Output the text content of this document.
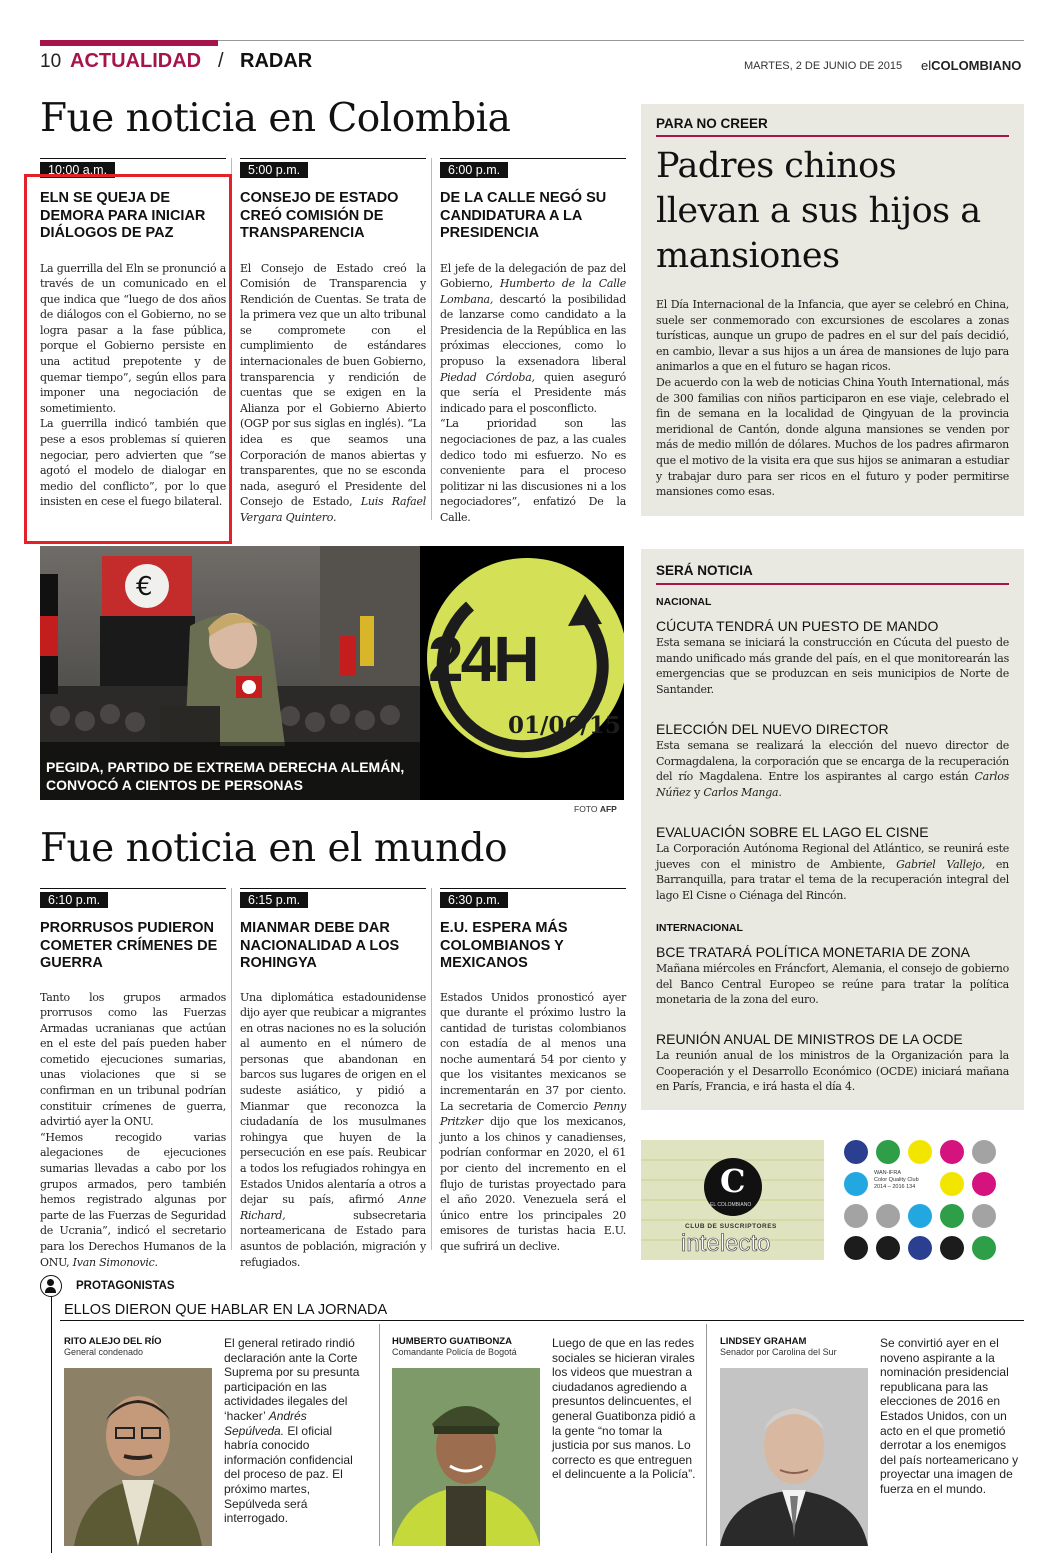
10 ACTUALIDAD / RADAR	MARTES, 2 DE JUNIO DE 2015 elCOLOMBIANO
Fue noticia en Colombia
10:00 a.m.
ELN SE QUEJA DE DEMORA PARA INICIAR DIÁLOGOS DE PAZ
La guerrilla del Eln se pronunció a través de un comunicado en el que indica que “luego de dos años de diálogos con el Gobierno, no se logra pasar a la fase pública, porque el Gobierno persiste en una actitud prepotente y de quemar tiempo”, según ellos para imponer una negociación de sometimiento.
La guerrilla indicó también que pese a esos problemas sí quieren negociar, pero advierten que “se agotó el modelo de dialogar en medio del conflicto”, por lo que insisten en cese el fuego bilateral.
5:00 p.m.
CONSEJO DE ESTADO CREÓ COMISIÓN DE TRANSPARENCIA
El Consejo de Estado creó la Comisión de Transparencia y Rendición de Cuentas. Se trata de la primera vez que un alto tribunal se compromete con el cumplimiento de estándares internacionales de buen Gobierno, transparencia y rendición de cuentas que se exigen en la Alianza por el Gobierno Abierto (OGP por sus siglas en inglés). “La idea es que seamos una Corporación de manos abiertas y transparentes, que no se esconda nada, aseguró el Presidente del Consejo de Estado, Luis Rafael Vergara Quintero.
6:00 p.m.
DE LA CALLE NEGÓ SU CANDIDATURA A LA PRESIDENCIA
El jefe de la delegación de paz del Gobierno, Humberto de la Calle Lombana, descartó la posibilidad de lanzarse como candidato a la Presidencia de la República en las próximas elecciones, como lo propuso la exsenadora liberal Piedad Córdoba, quien aseguró que sería el Presidente más indicado para el posconflicto.
“La prioridad son las negociaciones de paz, a las cuales dedico todo mi esfuerzo. No es conveniente para el proceso politizar ni las discusiones ni a los negociadores”, enfatizó De la Calle.
PARA NO CREER
Padres chinos llevan a sus hijos a mansiones
El Día Internacional de la Infancia, que ayer se celebró en China, suele ser conmemorado con excursiones de escolares a zonas turísticas, aunque un grupo de padres en el sur del país decidió, en cambio, llevar a sus hijos a un área de mansiones de lujo para animarlos a que en el futuro se hagan ricos.
De acuerdo con la web de noticias China Youth International, más de 300 familias con niños participaron en ese viaje, celebrado el fin de semana en la localidad de Qingyuan de la provincia meridional de Cantón, donde alguna mansiones se venden por más de medio millón de dólares. Muchos de los padres afirmaron que el motivo de la visita era que sus hijos se animaran a estudiar y trabajar duro para ser ricos en el futuro y poder permitirse mansiones como esas.
€
24H
01/06/15
PEGIDA, PARTIDO DE EXTREMA DERECHA ALEMÁN, CONVOCÓ A CIENTOS DE PERSONAS
FOTO AFP
SERÁ NOTICIA
NACIONAL
CÚCUTA TENDRÁ UN PUESTO DE MANDO
Esta semana se iniciará la construcción en Cúcuta del puesto de mando unificado más grande del país, en el que monitorearán las emergencias que se produzcan en seis municipios de Norte de Santander.
ELECCIÓN DEL NUEVO DIRECTOR
Esta semana se realizará la elección del nuevo director de Cormagdalena, la corporación que se encarga de la recuperación del río Magdalena. Entre los aspirantes al cargo están Carlos Núñez y Carlos Manga.
EVALUACIÓN SOBRE EL LAGO EL CISNE
La Corporación Autónoma Regional del Atlántico, se reunirá este jueves con el ministro de Ambiente, Gabriel Vallejo, en Barranquilla, para tratar el tema de la recuperación integral del lago El Cisne o Ciénaga del Rincón.
INTERNACIONAL
BCE TRATARÁ POLÍTICA MONETARIA DE ZONA
Mañana miércoles en Fráncfort, Alemania, el consejo de gobierno del Banco Central Europeo se reúne para tratar la política monetaria de la zona del euro.
REUNIÓN ANUAL DE MINISTROS DE LA OCDE
La reunión anual de los ministros de la Organización para la Cooperación y el Desarrollo Económico (OCDE) iniciará mañana en París, Francia, e irá hasta el día 4.
Fue noticia en el mundo
6:10 p.m.
PRORRUSOS PUDIERON COMETER CRÍMENES DE GUERRA
Tanto los grupos armados prorrusos como las Fuerzas Armadas ucranianas que actúan en el este del país pueden haber cometido ejecuciones sumarias, unas violaciones que si se confirman en un tribunal podrían constituir crímenes de guerra, advirtió ayer la ONU.
“Hemos recogido varias alegaciones de ejecuciones sumarias llevadas a cabo por los grupos armados, pero también hemos registrado algunas por parte de las Fuerzas de Seguridad de Ucrania”, indicó el secretario para los Derechos Humanos de la ONU, Ivan Simonovic.
6:15 p.m.
MIANMAR DEBE DAR NACIONALIDAD A LOS ROHINGYA
Una diplomática estadounidense dijo ayer que reubicar a migrantes en otras naciones no es la solución al aumento en el número de personas que abandonan en barcos sus lugares de origen en el sudeste asiático, y pidió a Mianmar que reconozca la ciudadanía de los musulmanes rohingya que huyen de la persecución en ese país. Reubicar a todos los refugiados rohingya en Estados Unidos alentaría a otros a dejar su país, afirmó Anne Richard,	subsecretaria norteamericana de Estado para asuntos de población, migración y refugiados.
6:30 p.m.
E.U. ESPERA MÁS COLOMBIANOS Y MEXICANOS
Estados Unidos pronosticó ayer que durante el próximo lustro la cantidad de turistas colombianos con estadía de al menos una noche aumentará 54 por ciento y que los visitantes mexicanos se incrementarán en 37 por ciento. La secretaria de Comercio Penny Pritzker dijo que los mexicanos, junto a los chinos y canadienses, podrían conformar en 2020, el 61 por ciento del incremento en el flujo de turistas proyectado para el año 2020. Venezuela será el único entre los principales 20 emisores de turistas hacia E.U. que sufrirá un declive.
C
EL COLOMBIANO
CLUB DE SUSCRIPTORES
intelecto
WAN-IFRA
Color Quality Club
2014 – 2016 134
PROTAGONISTAS
ELLOS DIERON QUE HABLAR EN LA JORNADA
RITO ALEJO DEL RÍO
General condenado
El general retirado rindió declaración ante la Corte Suprema por su presunta participación en las actividades ilegales del ‘hacker’ Andrés Sepúlveda. El oficial habría conocido información confidencial del proceso de paz. El próximo martes, Sepúlveda será interrogado.
HUMBERTO GUATIBONZA
Comandante Policía de Bogotá
Luego de que en las redes sociales se hicieran virales los videos que muestran a ciudadanos agrediendo a presuntos delincuentes, el general Guatibonza pidió a la gente “no tomar la justicia por sus manos. Lo correcto es que entreguen el delincuente a la Policía”.
LINDSEY GRAHAM
Senador por Carolina del Sur
Se convirtió ayer en el noveno aspirante a la nominación presidencial republicana para las elecciones de 2016 en Estados Unidos, con un acto en el que prometió derrotar a los enemigos del país norteamericano y proyectar una imagen de fuerza en el mundo.
